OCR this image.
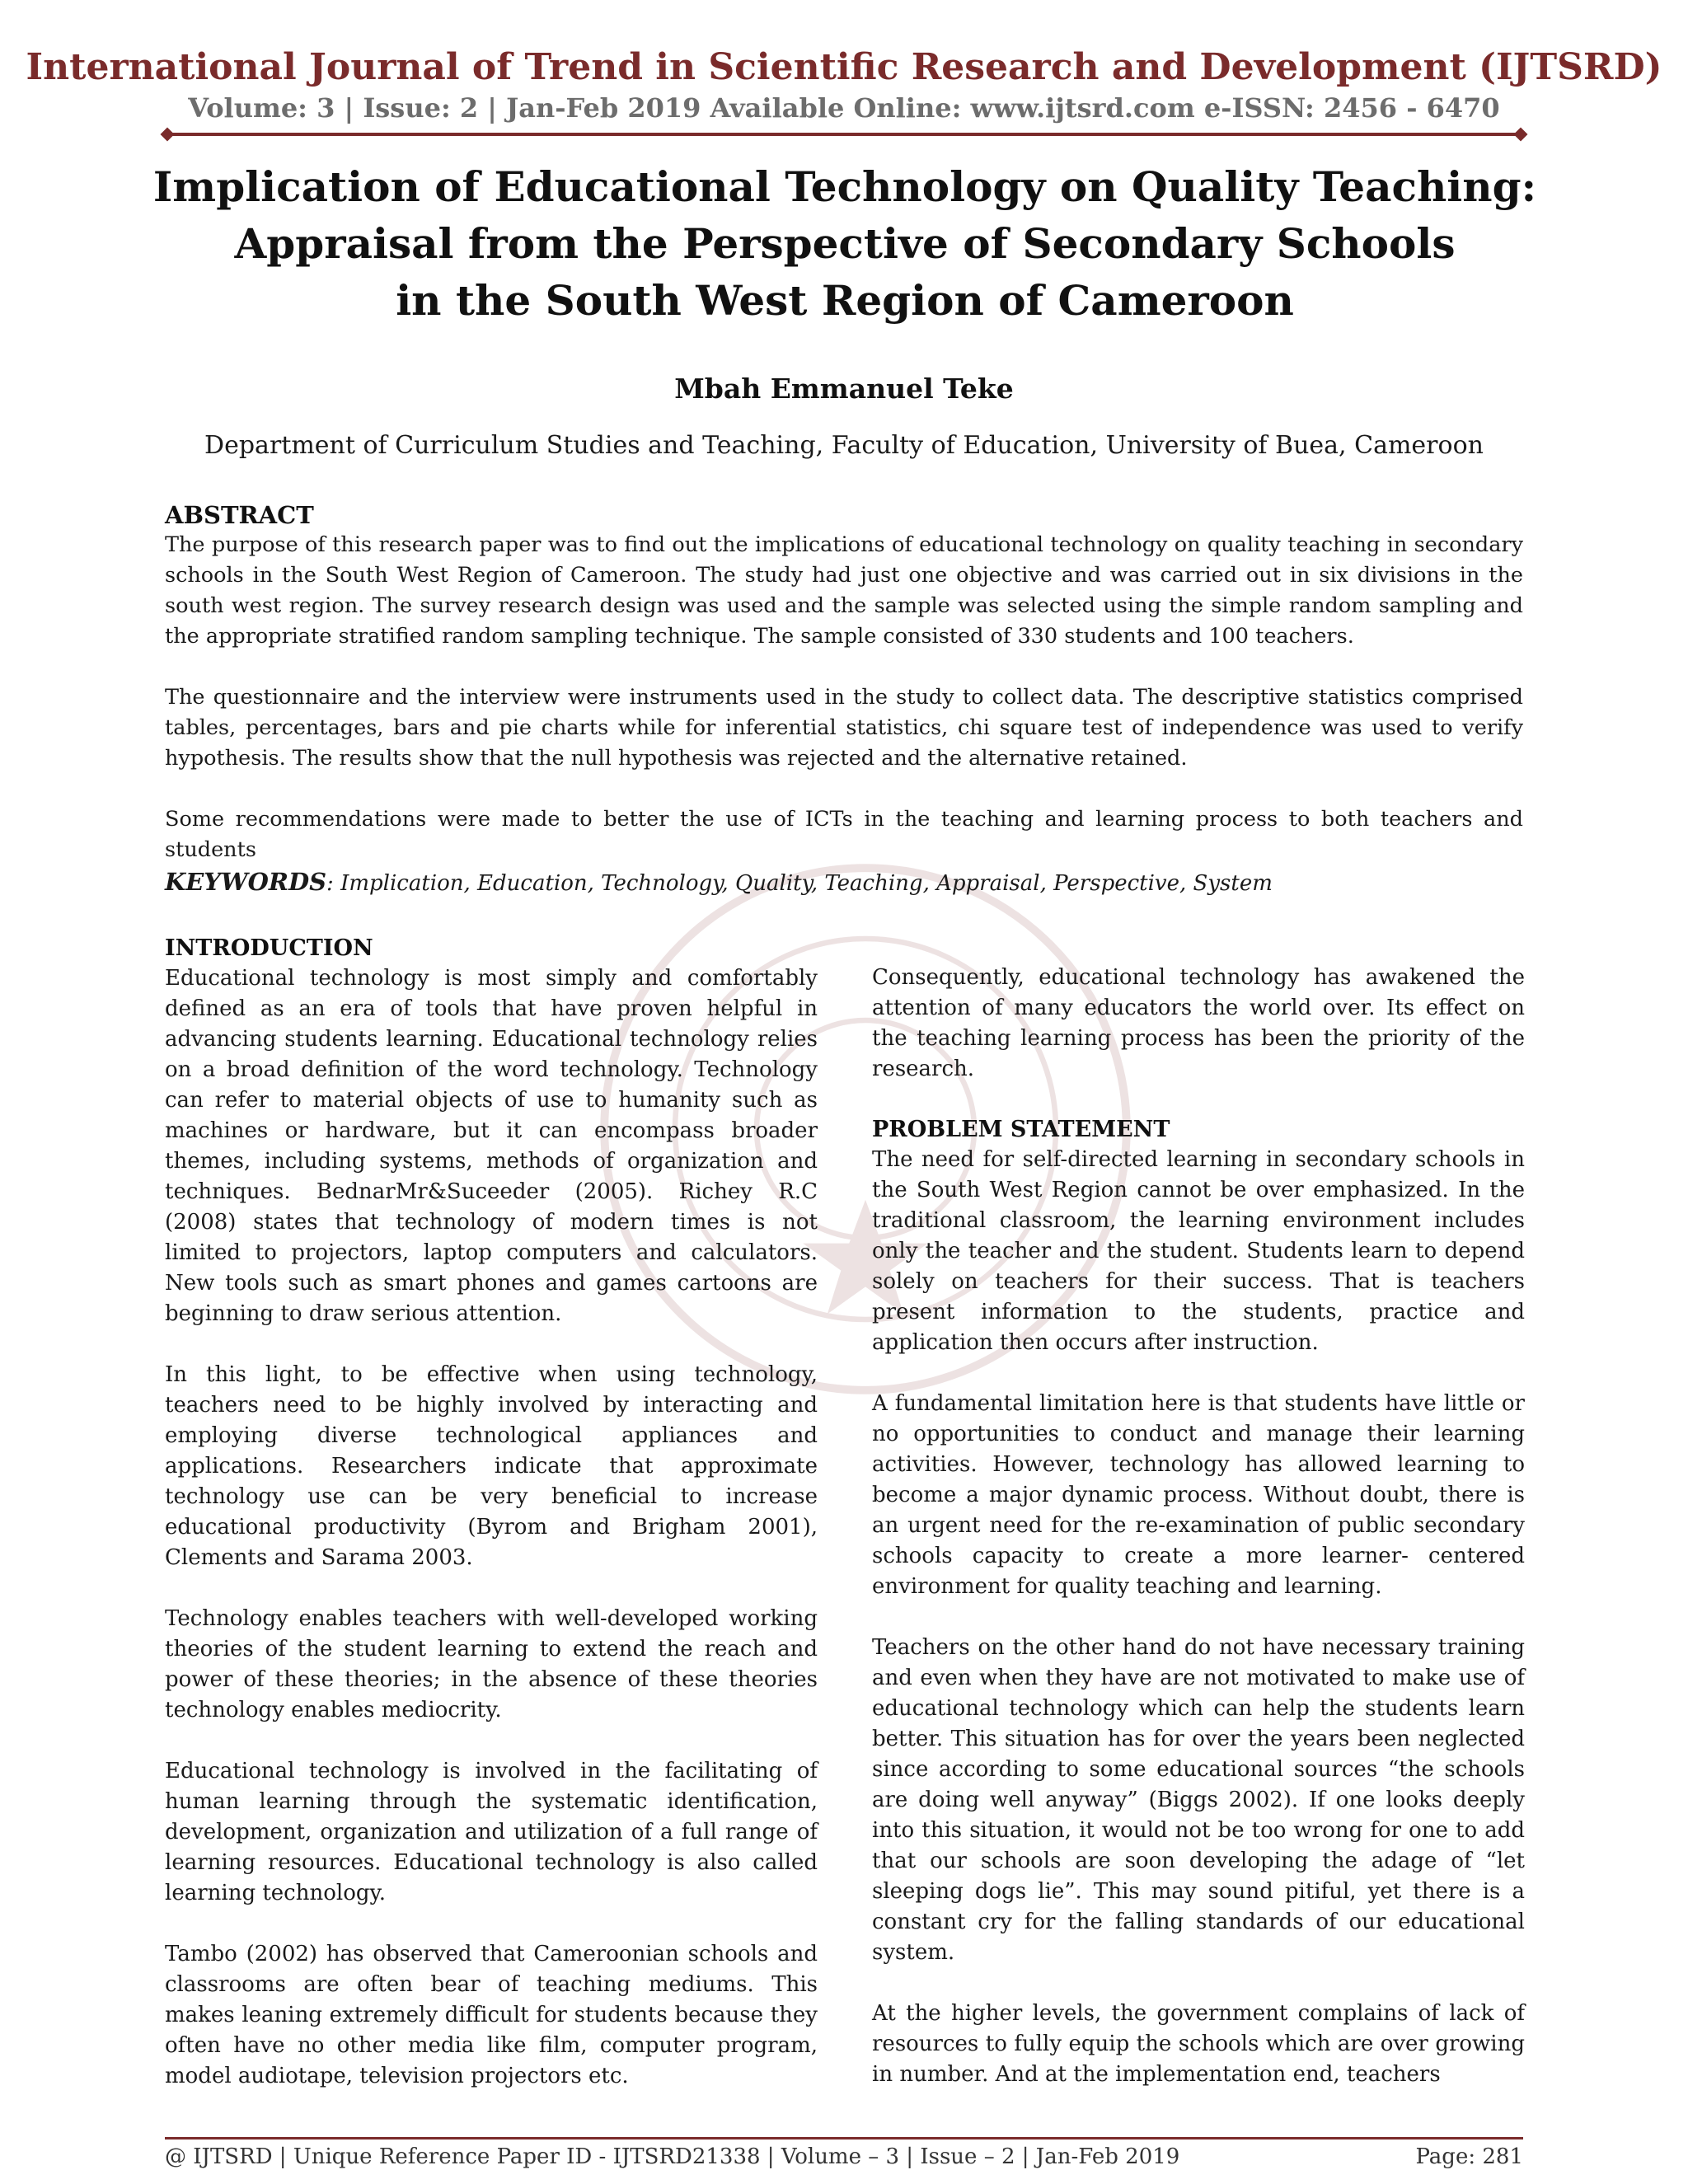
International Journal of Trend in Scientific Research and Development (IJTSRD)
Volume: 3 | Issue: 2 | Jan-Feb 2019 Available Online: www.ijtsrd.com e-ISSN: 2456 - 6470
Implication of Educational Technology on Quality Teaching:
Appraisal from the Perspective of Secondary Schools
in the South West Region of Cameroon
Mbah Emmanuel Teke
Department of Curriculum Studies and Teaching, Faculty of Education, University of Buea, Cameroon
ABSTRACT

The purpose of this research paper was to find out the implications of educational technology on quality teaching in secondary schools in the South West Region of Cameroon. The study had just one objective and was carried out in six divisions in the south west region. The survey research design was used and the sample was selected using the simple random sampling and the appropriate stratified random sampling technique. The sample consisted of 330 students and 100 teachers.

The questionnaire and the interview were instruments used in the study to collect data. The descriptive statistics comprised tables, percentages, bars and pie charts while for inferential statistics, chi square test of independence was used to verify hypothesis. The results show that the null hypothesis was rejected and the alternative retained.

Some recommendations were made to better the use of ICTs in the teaching and learning process to both teachers and students

KEYWORDS: Implication, Education, Technology, Quality, Teaching, Appraisal, Perspective, System
INTRODUCTION

Educational technology is most simply and comfortably defined as an era of tools that have proven helpful in advancing students learning. Educational technology relies on a broad definition of the word technology. Technology can refer to material objects of use to humanity such as machines or hardware, but it can encompass broader themes, including systems, methods of organization and techniques. BednarMr&Suceeder (2005). Richey R.C (2008) states that technology of modern times is not limited to projectors, laptop computers and calculators. New tools such as smart phones and games cartoons are beginning to draw serious attention.

In this light, to be effective when using technology, teachers need to be highly involved by interacting and employing diverse technological appliances and applications. Researchers indicate that approximate technology use can be very beneficial to increase educational productivity (Byrom and Brigham 2001), Clements and Sarama 2003.

Technology enables teachers with well-developed working theories of the student learning to extend the reach and power of these theories; in the absence of these theories technology enables mediocrity.

Educational technology is involved in the facilitating of human learning through the systematic identification, development, organization and utilization of a full range of learning resources. Educational technology is also called learning technology.

Tambo (2002) has observed that Cameroonian schools and classrooms are often bear of teaching mediums. This makes leaning extremely difficult for students because they often have no other media like film, computer program, model audiotape, television projectors etc.

Consequently, educational technology has awakened the attention of many educators the world over. Its effect on the teaching learning process has been the priority of the research.

PROBLEM STATEMENT

The need for self-directed learning in secondary schools in the South West Region cannot be over emphasized. In the traditional classroom, the learning environment includes only the teacher and the student. Students learn to depend solely on teachers for their success. That is teachers present information to the students, practice and application then occurs after instruction.

A fundamental limitation here is that students have little or no opportunities to conduct and manage their learning activities. However, technology has allowed learning to become a major dynamic process. Without doubt, there is an urgent need for the re-examination of public secondary schools capacity to create a more learner- centered environment for quality teaching and learning.

Teachers on the other hand do not have necessary training and even when they have are not motivated to make use of educational technology which can help the students learn better. This situation has for over the years been neglected since according to some educational sources “the schools are doing well anyway” (Biggs 2002). If one looks deeply into this situation, it would not be too wrong for one to add that our schools are soon developing the adage of “let sleeping dogs lie”. This may sound pitiful, yet there is a constant cry for the falling standards of our educational system.

At the higher levels, the government complains of lack of resources to fully equip the schools which are over growing in number. And at the implementation end, teachers

@ IJTSRD | Unique Reference Paper ID - IJTSRD21338 | Volume – 3 | Issue – 2 | Jan-Feb 2019	Page: 281
